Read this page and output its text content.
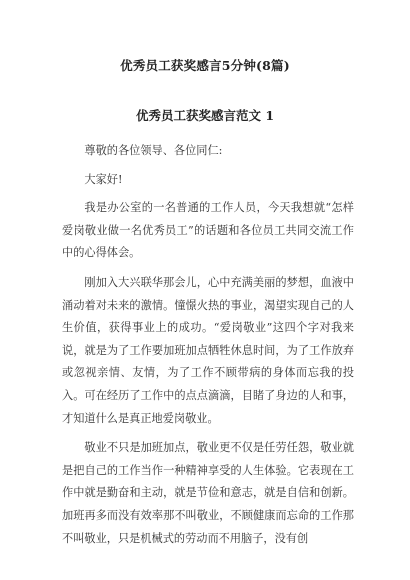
优秀员工获奖感言5分钟(8篇)
优秀员工获奖感言范文 1

尊敬的各位领导、各位同仁:

大家好!

我是办公室的一名普通的工作人员，今天我想就“怎样爱岗敬业做一名优秀员工”的话题和各位员工共同交流工作中的心得体会。

刚加入大兴联华那会儿，心中充满美丽的梦想，血液中涌动着对未来的激情。憧憬火热的事业，渴望实现自己的人生价值，获得事业上的成功。“爱岗敬业”这四个字对我来说，就是为了工作要加班加点牺牲休息时间，为了工作放弃或忽视亲情、友情，为了工作不顾带病的身体而忘我的投入。可在经历了工作中的点点滴滴，目睹了身边的人和事，才知道什么是真正地爱岗敬业。

敬业不只是加班加点，敬业更不仅是任劳任怨，敬业就是把自己的工作当作一种精神享受的人生体验。它表现在工作中就是勤奋和主动，就是节俭和意志，就是自信和创新。加班再多而没有效率那不叫敬业，不顾健康而忘命的工作那不叫敬业，只是机械式的劳动而不用脑子，没有创
